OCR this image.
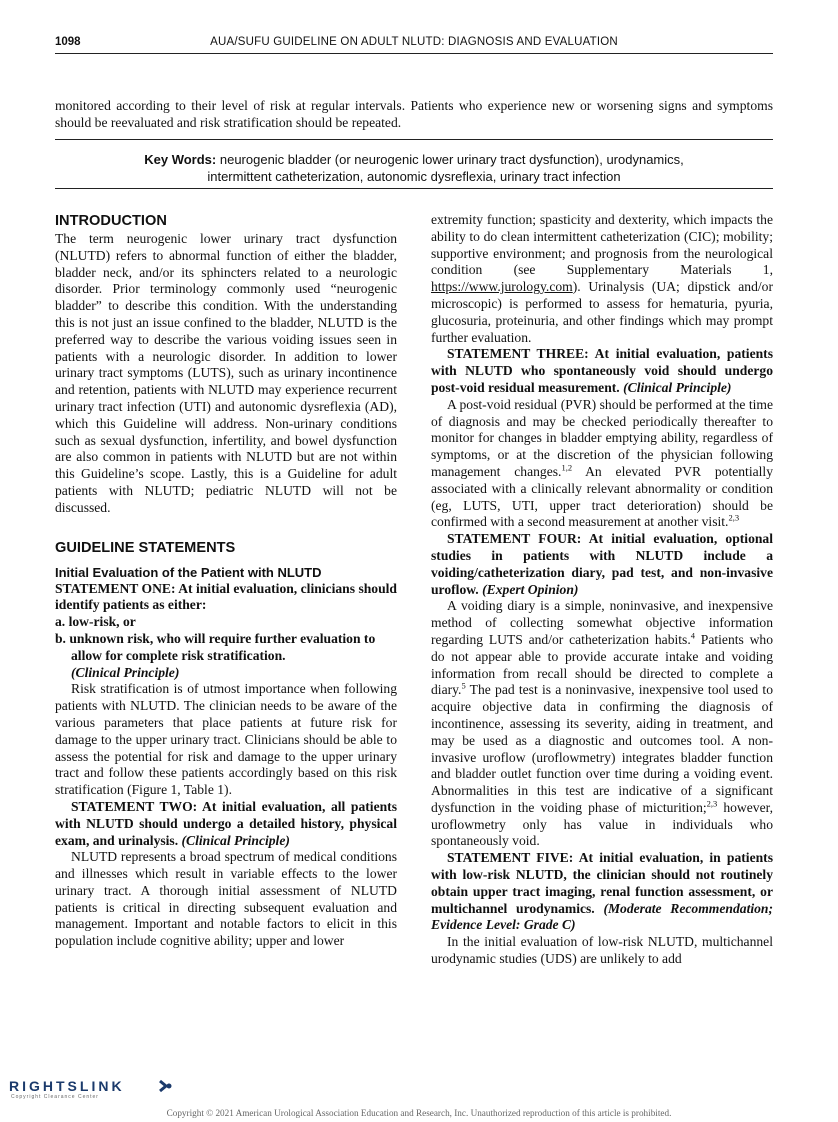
1098	AUA/SUFU GUIDELINE ON ADULT NLUTD: DIAGNOSIS AND EVALUATION
monitored according to their level of risk at regular intervals. Patients who experience new or worsening signs and symptoms should be reevaluated and risk stratification should be repeated.
Key Words: neurogenic bladder (or neurogenic lower urinary tract dysfunction), urodynamics,
intermittent catheterization, autonomic dysreflexia, urinary tract infection
INTRODUCTION

The term neurogenic lower urinary tract dysfunction (NLUTD) refers to abnormal function of either the bladder, bladder neck, and/or its sphincters related to a neurologic disorder. Prior terminology commonly used “neurogenic bladder” to describe this condition. With the understanding this is not just an issue confined to the bladder, NLUTD is the preferred way to describe the various voiding issues seen in patients with a neurologic disorder. In addition to lower urinary tract symptoms (LUTS), such as urinary incontinence and retention, patients with NLUTD may experience recurrent urinary tract infection (UTI) and autonomic dysreflexia (AD), which this Guideline will address. Non-urinary conditions such as sexual dysfunction, infertility, and bowel dysfunction are also common in patients with NLUTD but are not within this Guideline’s scope. Lastly, this is a Guideline for adult patients with NLUTD; pediatric NLUTD will not be discussed.

GUIDELINE STATEMENTS
Initial Evaluation of the Patient with NLUTD

STATEMENT ONE: At initial evaluation, clinicians should identify patients as either:

a. low-risk, or
b. unknown risk, who will require further evaluation to allow for complete risk stratification.
(Clinical Principle)

Risk stratification is of utmost importance when following patients with NLUTD. The clinician needs to be aware of the various parameters that place patients at future risk for damage to the upper urinary tract. Clinicians should be able to assess the potential for risk and damage to the upper urinary tract and follow these patients accordingly based on this risk stratification (Figure 1, Table 1).

STATEMENT TWO: At initial evaluation, all patients with NLUTD should undergo a detailed history, physical exam, and urinalysis. (Clinical Principle)

NLUTD represents a broad spectrum of medical conditions and illnesses which result in variable effects to the lower urinary tract. A thorough initial assessment of NLUTD patients is critical in directing subsequent evaluation and management. Important and notable factors to elicit in this population include cognitive ability; upper and lower

extremity function; spasticity and dexterity, which impacts the ability to do clean intermittent catheterization (CIC); mobility; supportive environment; and prognosis from the neurological condition (see Supplementary Materials 1, https://www.jurology.com). Urinalysis (UA; dipstick and/or microscopic) is performed to assess for hematuria, pyuria, glucosuria, proteinuria, and other findings which may prompt further evaluation.

STATEMENT THREE: At initial evaluation, patients with NLUTD who spontaneously void should undergo post-void residual measurement. (Clinical Principle)

A post-void residual (PVR) should be performed at the time of diagnosis and may be checked periodically thereafter to monitor for changes in bladder emptying ability, regardless of symptoms, or at the discretion of the physician following management changes.$^{1,2}$ An elevated PVR potentially associated with a clinically relevant abnormality or condition (eg, LUTS, UTI, upper tract deterioration) should be confirmed with a second measurement at another visit.$^{2,3}$

STATEMENT FOUR: At initial evaluation, optional studies in patients with NLUTD include a voiding/catheterization diary, pad test, and non-invasive uroflow. (Expert Opinion)

A voiding diary is a simple, noninvasive, and inexpensive method of collecting somewhat objective information regarding LUTS and/or catheterization habits.$^4$ Patients who do not appear able to provide accurate intake and voiding information from recall should be directed to complete a diary.$^5$ The pad test is a noninvasive, inexpensive tool used to acquire objective data in confirming the diagnosis of incontinence, assessing its severity, aiding in treatment, and may be used as a diagnostic and outcomes tool. A non-invasive uroflow (uroflowmetry) integrates bladder function and bladder outlet function over time during a voiding event. Abnormalities in this test are indicative of a significant dysfunction in the voiding phase of micturition;$^{2,3}$ however, uroflowmetry only has value in individuals who spontaneously void.

STATEMENT FIVE: At initial evaluation, in patients with low-risk NLUTD, the clinician should not routinely obtain upper tract imaging, renal function assessment, or multichannel urodynamics. (Moderate Recommendation; Evidence Level: Grade C)

In the initial evaluation of low-risk NLUTD, multichannel urodynamic studies (UDS) are unlikely to add

RIGHTSLINK
Copyright Clearance Center
Copyright © 2021 American Urological Association Education and Research, Inc. Unauthorized reproduction of this article is prohibited.
